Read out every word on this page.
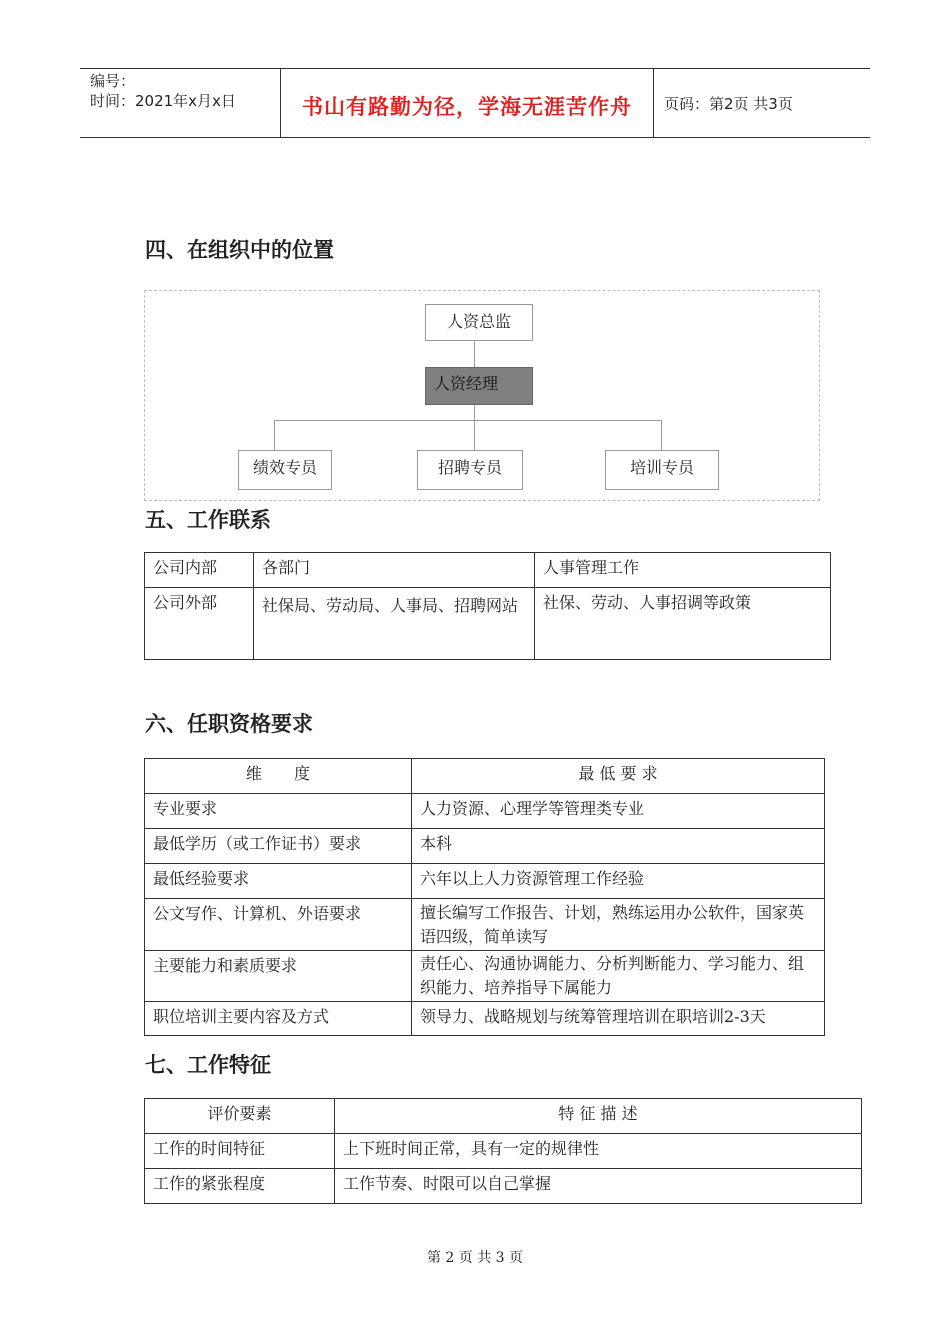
编号：
时间：2021年x月x日	书山有路勤为径，学海无涯苦作舟	页码：第2页 共3页
四、在组织中的位置
人资总监
人资经理
绩效专员	招聘专员	培训专员
五、工作联系
公司内部	各部门	人事管理工作
公司外部	社保局、劳动局、人事局、招聘网站	社保、劳动、人事招调等政策
六、任职资格要求
维　　度	最 低 要 求
专业要求	人力资源、心理学等管理类专业
最低学历（或工作证书）要求	本科
最低经验要求	六年以上人力资源管理工作经验
公文写作、计算机、外语要求	擅长编写工作报告、计划，熟练运用办公软件，国家英语四级，简单读写
主要能力和素质要求	责任心、沟通协调能力、分析判断能力、学习能力、组织能力、培养指导下属能力
职位培训主要内容及方式	领导力、战略规划与统筹管理培训在职培训2-3天
七、工作特征
评价要素	特 征 描 述
工作的时间特征	上下班时间正常，具有一定的规律性
工作的紧张程度	工作节奏、时限可以自己掌握
第 2 页 共 3 页
